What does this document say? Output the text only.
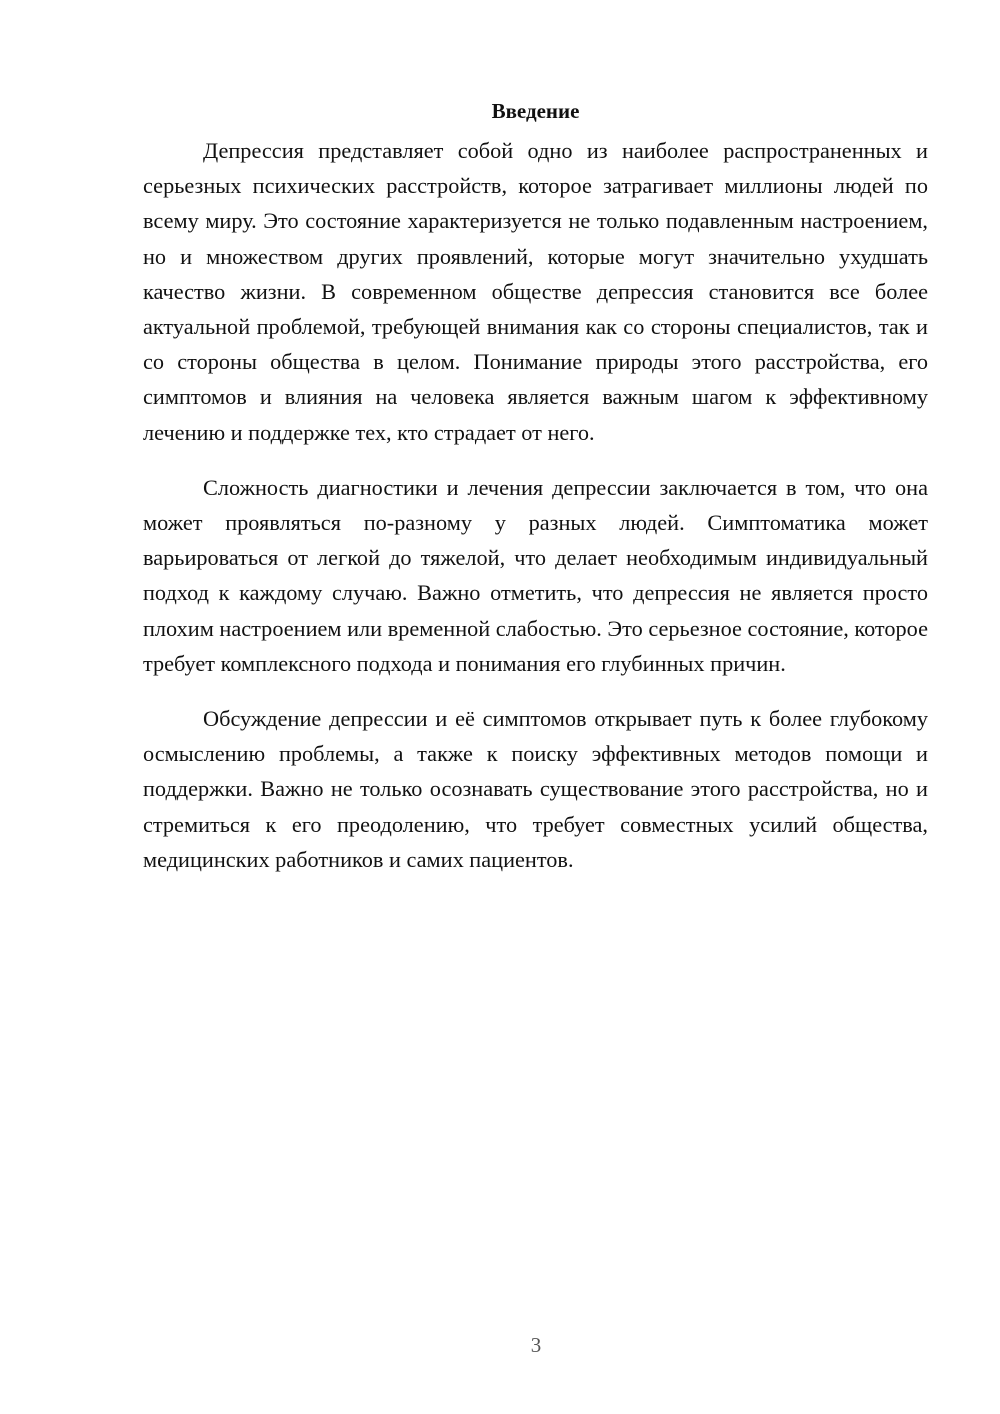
Введение

Депрессия представляет собой одно из наиболее распространенных и серьезных психических расстройств, которое затрагивает миллионы людей по всему миру. Это состояние характеризуется не только подавленным настроением, но и множеством других проявлений, которые могут значительно ухудшать качество жизни. В современном обществе депрессия становится все более актуальной проблемой, требующей внимания как со стороны специалистов, так и со стороны общества в целом. Понимание природы этого расстройства, его симптомов и влияния на человека является важным шагом к эффективному лечению и поддержке тех, кто страдает от него.

Сложность диагностики и лечения депрессии заключается в том, что она может проявляться по-разному у разных людей. Симптоматика может варьироваться от легкой до тяжелой, что делает необходимым индивидуальный подход к каждому случаю. Важно отметить, что депрессия не является просто плохим настроением или временной слабостью. Это серьезное состояние, которое требует комплексного подхода и понимания его глубинных причин.

Обсуждение депрессии и её симптомов открывает путь к более глубокому осмыслению проблемы, а также к поиску эффективных методов помощи и поддержки. Важно не только осознавать существование этого расстройства, но и стремиться к его преодолению, что требует совместных усилий общества, медицинских работников и самих пациентов.

3
